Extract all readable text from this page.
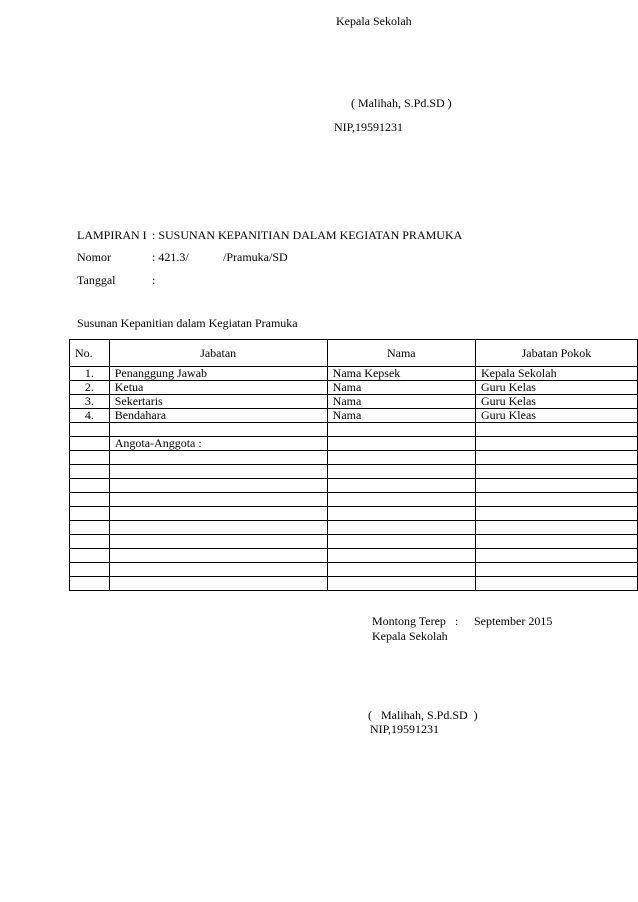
Kepala Sekolah
( Malihah, S.Pd.SD )
NIP,19591231
LAMPIRAN I : SUSUNAN KEPANITIAN DALAM KEGIATAN PRAMUKA
Nomor	: 421.3/	/Pramuka/SD
Tanggal	:
Susunan Kepanitian dalam Kegiatan Pramuka
No.	Jabatan	Nama	Jabatan Pokok
1.	Penanggung Jawab	Nama Kepsek	Kepala Sekolah
2.	Ketua	Nama	Guru Kelas
3.	Sekertaris	Nama	Guru Kelas
4.	Bendahara	Nama	Guru Kleas

	Angota-Anggota :		

Montong Terep : September 2015
Kepala Sekolah
(   Malihah, S.Pd.SD  )
NIP,19591231
